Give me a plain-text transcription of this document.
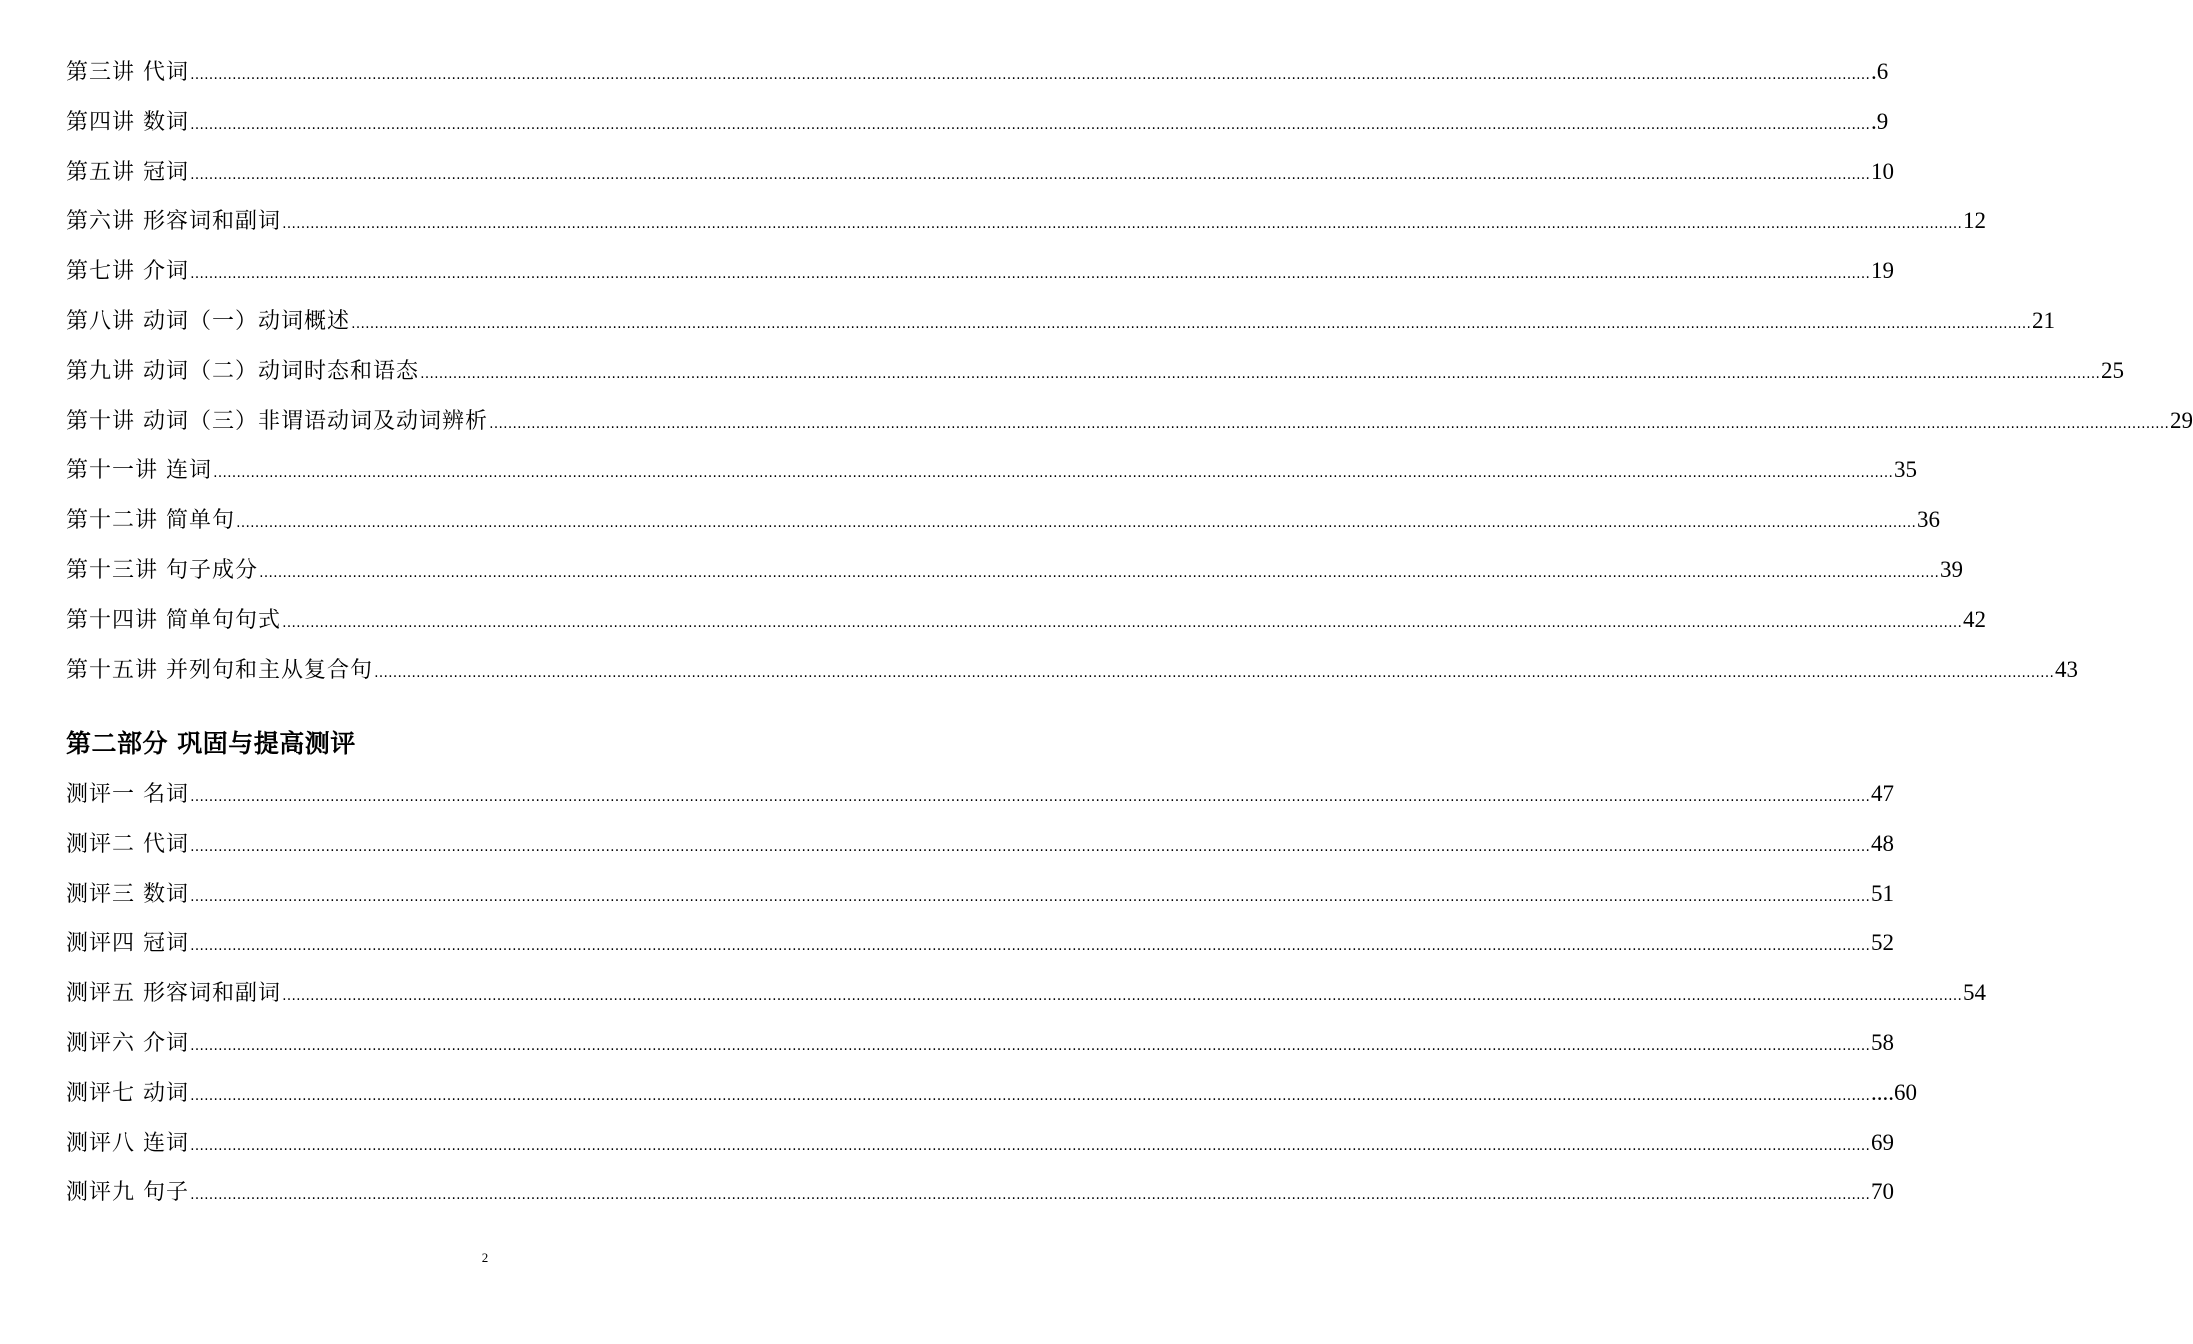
第三讲 代词 ……………………………………………………………………………………………………………………………………………………………………………………………………………………………………………………………………………………………………………………………… .6
第四讲 数词 ……………………………………………………………………………………………………………………………………………………………………………………………………………………………………………………………………………………………………………………………… .9
第五讲 冠词 ……………………………………………………………………………………………………………………………………………………………………………………………………………………………………………………………………………………………………………………………… 10
第六讲 形容词和副词 ……………………………………………………………………………………………………………………………………………………………………………………………………………………………………………………………………………………………………………………………… 12
第七讲 介词 ……………………………………………………………………………………………………………………………………………………………………………………………………………………………………………………………………………………………………………………………… 19
第八讲 动词（一）动词概述 ……………………………………………………………………………………………………………………………………………………………………………………………………………………………………………………………………………………………………………………………… 21
第九讲 动词（二）动词时态和语态 ……………………………………………………………………………………………………………………………………………………………………………………………………………………………………………………………………………………………………………………………… 25
第十讲 动词（三）非谓语动词及动词辨析 ……………………………………………………………………………………………………………………………………………………………………………………………………………………………………………………………………………………………………………………………… 29
第十一讲 连词 ……………………………………………………………………………………………………………………………………………………………………………………………………………………………………………………………………………………………………………………………… 35
第十二讲 简单句 ……………………………………………………………………………………………………………………………………………………………………………………………………………………………………………………………………………………………………………………………… 36
第十三讲 句子成分 ……………………………………………………………………………………………………………………………………………………………………………………………………………………………………………………………………………………………………………………………… 39
第十四讲 简单句句式 ……………………………………………………………………………………………………………………………………………………………………………………………………………………………………………………………………………………………………………………………… 42
第十五讲 并列句和主从复合句 ……………………………………………………………………………………………………………………………………………………………………………………………………………………………………………………………………………………………………………………………… 43
第二部分 巩固与提高测评
测评一 名词 ……………………………………………………………………………………………………………………………………………………………………………………………………………………………………………………………………………………………………………………………… 47
测评二 代词 ……………………………………………………………………………………………………………………………………………………………………………………………………………………………………………………………………………………………………………………………… 48
测评三 数词 ……………………………………………………………………………………………………………………………………………………………………………………………………………………………………………………………………………………………………………………………… 51
测评四 冠词 ……………………………………………………………………………………………………………………………………………………………………………………………………………………………………………………………………………………………………………………………… 52
测评五 形容词和副词 ……………………………………………………………………………………………………………………………………………………………………………………………………………………………………………………………………………………………………………………………… 54
测评六 介词 ……………………………………………………………………………………………………………………………………………………………………………………………………………………………………………………………………………………………………………………………… 58
测评七 动词 ……………………………………………………………………………………………………………………………………………………………………………………………………………………………………………………………………………………………………………………………… ....60
测评八 连词 ……………………………………………………………………………………………………………………………………………………………………………………………………………………………………………………………………………………………………………………………… 69
测评九 句子 ……………………………………………………………………………………………………………………………………………………………………………………………………………………………………………………………………………………………………………………………… 70
2
